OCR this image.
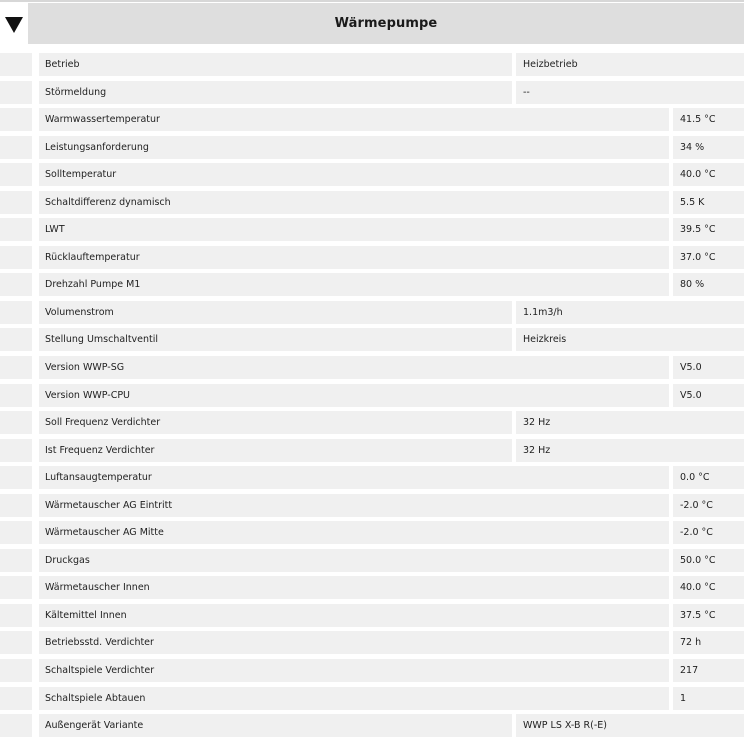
Wärmepumpe
Betrieb	Heizbetrieb
Störmeldung	--
Warmwassertemperatur	41.5 °C
Leistungsanforderung	34 %
Solltemperatur	40.0 °C
Schaltdifferenz dynamisch	5.5 K
LWT	39.5 °C
Rücklauftemperatur	37.0 °C
Drehzahl Pumpe M1	80 %
Volumenstrom	1.1m3/h
Stellung Umschaltventil	Heizkreis
Version WWP-SG	V5.0
Version WWP-CPU	V5.0
Soll Frequenz Verdichter	32 Hz
Ist Frequenz Verdichter	32 Hz
Luftansaugtemperatur	0.0 °C
Wärmetauscher AG Eintritt	-2.0 °C
Wärmetauscher AG Mitte	-2.0 °C
Druckgas	50.0 °C
Wärmetauscher Innen	40.0 °C
Kältemittel Innen	37.5 °C
Betriebsstd. Verdichter	72 h
Schaltspiele Verdichter	217
Schaltspiele Abtauen	1
Außengerät Variante	WWP LS X-B R(-E)
